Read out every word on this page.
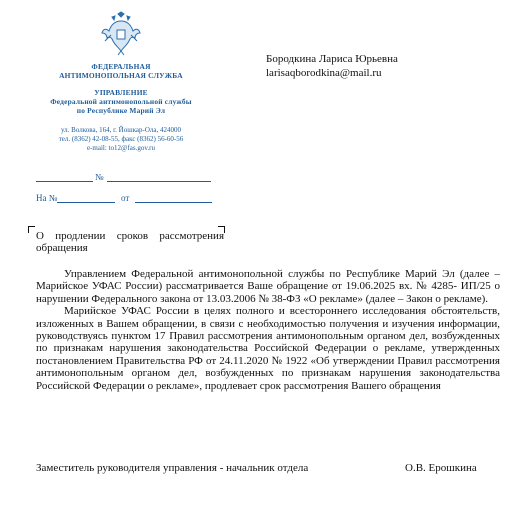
ФЕДЕРАЛЬНАЯ
АНТИМОНОПОЛЬНАЯ СЛУЖБА
УПРАВЛЕНИЕ
Федеральной антимонопольной службы
по Республике Марий Эл
ул. Волкова, 164, г. Йошкар-Ола, 424000
тел. (8362) 42-08-55, факс (8362) 56-60-56
e-mail: to12@fas.gov.ru
Бородкина Лариса Юрьевна
larisaqborodkina@mail.ru
№
На №	от
О продлении сроков рассмотрения обращения

Управлением Федеральной антимонопольной службы по Республике Марий Эл (далее – Марийское УФАС России) рассматривается Ваше обращение от 19.06.2025 вх. № 4285- ИП/25 о нарушении Федерального закона от 13.03.2006 № 38-ФЗ «О рекламе» (далее – Закон о рекламе).

Марийское УФАС России в целях полного и всестороннего исследования обстоятельств, изложенных в Вашем обращении, в связи с необходимостью получения и изучения информации, руководствуясь пунктом 17 Правил рассмотрения антимонопольным органом дел, возбужденных по признакам нарушения законодательства Российской Федерации о рекламе, утвержденных постановлением Правительства РФ от 24.11.2020 № 1922 «Об утверждении Правил рассмотрения антимонопольным органом дел, возбужденных по признакам нарушения законодательства Российской Федерации о рекламе», продлевает срок рассмотрения Вашего обращения

Заместитель руководителя управления - начальник отдела	О.В. Ерошкина
